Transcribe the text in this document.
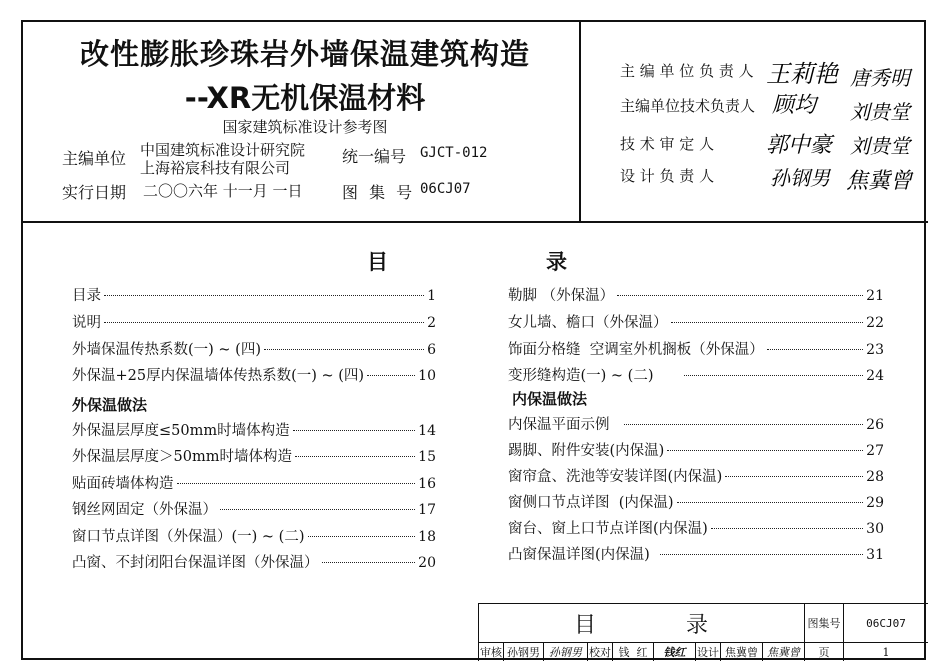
改性膨胀珍珠岩外墙保温建筑构造
--XR无机保温材料
国家建筑标准设计参考图
主编单位 中国建筑标准设计研究院
上海裕宸科技有限公司
统一编号 GJCT-012
实行日期 二〇〇六年 十一月 一日 图 集 号 06CJ07
主 编 单 位 负 责 人 王莉艳 唐秀明
主编单位技术负责人 顾均 刘贵堂
技 术 审 定 人 郭中豪 刘贵堂
设 计 负 责 人	孙钢男 焦冀曾
目	录
目录	1
说明	2
外墙保温传热系数(一) ~ (四)	6
外保温+25厚内保温墙体传热系数(一) ~ (四)	10
外保温做法
外保温层厚度≤50mm时墙体构造	14
外保温层厚度＞50mm时墙体构造	15
贴面砖墙体构造	16
钢丝网固定（外保温）	17
窗口节点详图（外保温）(一) ~ (二)	18
凸窗、不封闭阳台保温详图（外保温）	20
勒脚 （外保温）	21
女儿墙、檐口（外保温）	22
饰面分格缝  空调室外机搁板（外保温）	23
变形缝构造(一) ~ (二)	24
内保温做法
内保温平面示例	26
踢脚、附件安装(内保温)	27
窗帘盒、洗池等安装详图(内保温)	28
窗侧口节点详图  (内保温)	29
窗台、窗上口节点详图(内保温)	30
凸窗保温详图(内保温)	31
目	录	图集号	06CJ07
审核 孙钢男 孙钢男 校对 钱  红	钱红	设计 焦冀曾 焦冀曾	页	1
